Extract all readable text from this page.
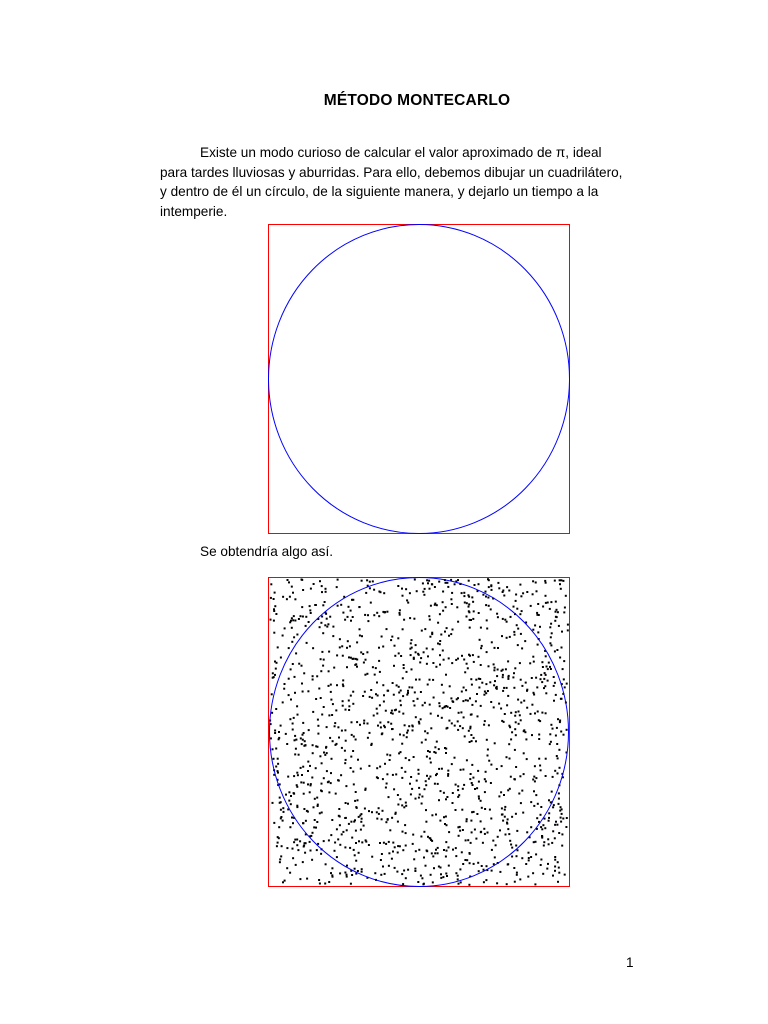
MÉTODO MONTECARLO

Existe un modo curioso de calcular el valor aproximado de π, ideal para tardes lluviosas y aburridas. Para ello, debemos dibujar un cuadrilátero, y dentro de él un círculo, de la siguiente manera, y dejarlo un tiempo a la intemperie.

Se obtendría algo así.

1
